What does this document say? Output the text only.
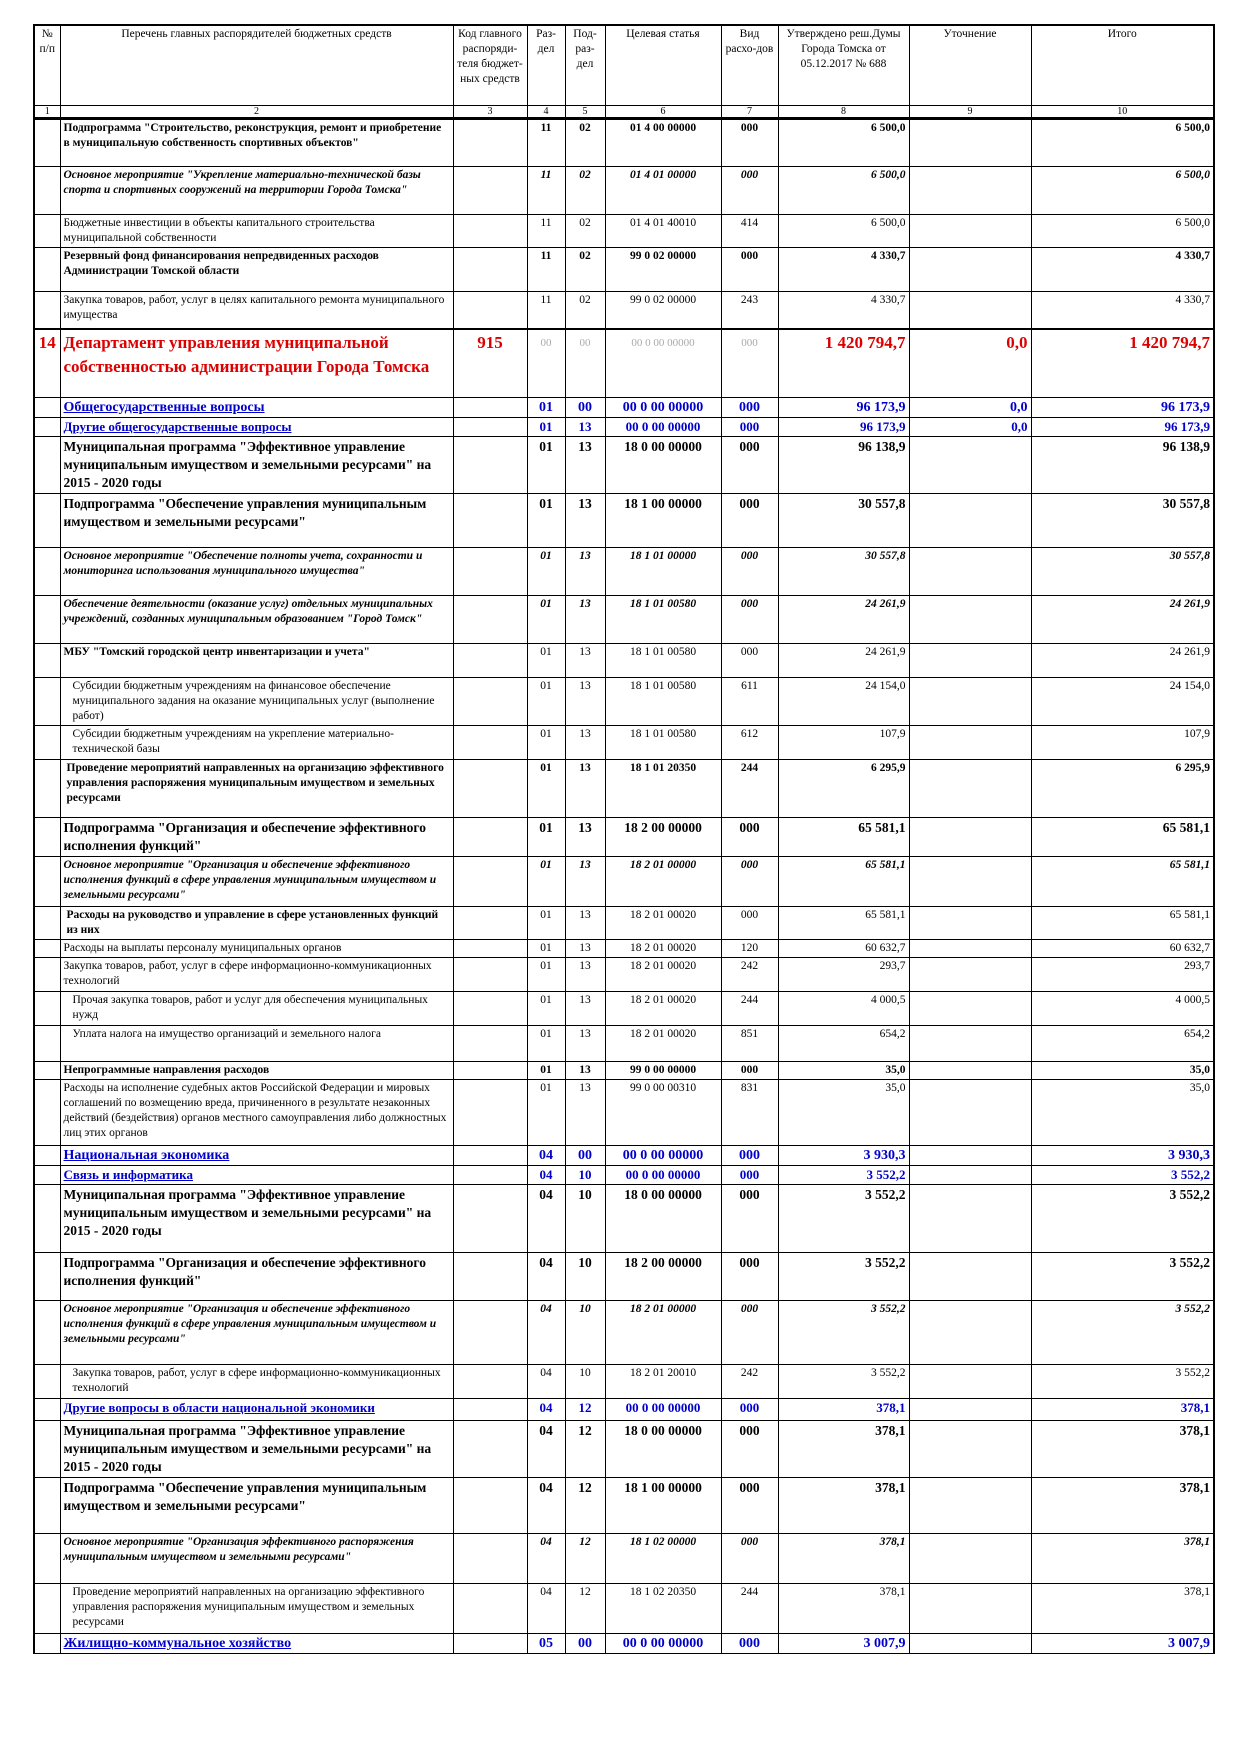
№ п/п	Перечень главных распорядителей бюджетных средств	Код главного распоряди-теля бюджет-ных средств	Раз-дел	Под-раз-дел	Целевая статья	Вид расхо-дов	Утверждено реш.Думы Города Томска от 05.12.2017 № 688	Уточнение	Итого
1	2	3	4	5	6	7	8	9	10
	Подпрограмма "Строительство, реконструкция, ремонт и приобретение в муниципальную собственность спортивных объектов"		11	02	01 4 00 00000	000	6 500,0		6 500,0
	Основное мероприятие "Укрепление материально-технической базы спорта и спортивных сооружений на территории Города Томска"		11	02	01 4 01 00000	000	6 500,0		6 500,0
	Бюджетные инвестиции в объекты капитального строительства муниципальной собственности		11	02	01 4 01 40010	414	6 500,0		6 500,0
	Резервный фонд финансирования непредвиденных расходов Администрации Томской области		11	02	99 0 02 00000	000	4 330,7		4 330,7
	Закупка товаров, работ, услуг в целях капитального ремонта муниципального имущества		11	02	99 0 02 00000	243	4 330,7		4 330,7
14	Департамент управления муниципальной собственностью администрации Города Томска	915	00	00	00 0 00 00000	000	1 420 794,7	0,0	1 420 794,7
	Общегосударственные вопросы		01	00	00 0 00 00000	000	96 173,9	0,0	96 173,9
	Другие общегосударственные вопросы		01	13	00 0 00 00000	000	96 173,9	0,0	96 173,9
	Муниципальная программа "Эффективное управление муниципальным имуществом и земельными ресурсами" на 2015 - 2020 годы		01	13	18 0 00 00000	000	96 138,9		96 138,9
	Подпрограмма "Обеспечение управления муниципальным имуществом и земельными ресурсами"		01	13	18 1 00 00000	000	30 557,8		30 557,8
	Основное мероприятие "Обеспечение полноты учета, сохранности и мониторинга использования муниципального имущества"		01	13	18 1 01 00000	000	30 557,8		30 557,8
	Обеспечение деятельности (оказание услуг) отдельных муниципальных учреждений, созданных муниципальным образованием "Город Томск"		01	13	18 1 01 00580	000	24 261,9		24 261,9
	МБУ "Томский городской центр инвентаризации и учета"		01	13	18 1 01 00580	000	24 261,9		24 261,9
	Субсидии бюджетным учреждениям на финансовое обеспечение муниципального задания на оказание муниципальных услуг (выполнение работ)		01	13	18 1 01 00580	611	24 154,0		24 154,0
	Субсидии бюджетным учреждениям на укрепление материально-технической базы		01	13	18 1 01 00580	612	107,9		107,9
	Проведение мероприятий направленных на организацию эффективного управления распоряжения муниципальным имуществом и земельных ресурсами		01	13	18 1 01 20350	244	6 295,9		6 295,9
	Подпрограмма "Организация и обеспечение эффективного исполнения функций"		01	13	18 2 00 00000	000	65 581,1		65 581,1
	Основное мероприятие "Организация и обеспечение эффективного исполнения функций в сфере управления муниципальным имуществом и земельными ресурсами"		01	13	18 2 01 00000	000	65 581,1		65 581,1
	Расходы на руководство и управление в сфере установленных функций из них		01	13	18 2 01 00020	000	65 581,1		65 581,1
	Расходы на выплаты персоналу муниципальных органов		01	13	18 2 01 00020	120	60 632,7		60 632,7
	Закупка товаров, работ, услуг в сфере информационно-коммуникационных технологий		01	13	18 2 01 00020	242	293,7		293,7
	Прочая закупка товаров, работ и услуг для обеспечения муниципальных нужд		01	13	18 2 01 00020	244	4 000,5		4 000,5
	Уплата налога на имущество организаций и земельного налога		01	13	18 2 01 00020	851	654,2		654,2
	Непрограммные направления расходов		01	13	99 0 00 00000	000	35,0		35,0
	Расходы на исполнение судебных актов Российской Федерации и мировых соглашений по возмещению вреда, причиненного в результате незаконных действий (бездействия) органов местного самоуправления либо должностных лиц этих органов		01	13	99 0 00 00310	831	35,0		35,0
	Национальная экономика		04	00	00 0 00 00000	000	3 930,3		3 930,3
	Связь и информатика		04	10	00 0 00 00000	000	3 552,2		3 552,2
	Муниципальная программа "Эффективное управление муниципальным имуществом и земельными ресурсами" на 2015 - 2020 годы		04	10	18 0 00 00000	000	3 552,2		3 552,2
	Подпрограмма "Организация и обеспечение эффективного исполнения функций"		04	10	18 2 00 00000	000	3 552,2		3 552,2
	Основное мероприятие "Организация и обеспечение эффективного исполнения функций в сфере управления муниципальным имуществом и земельными ресурсами"		04	10	18 2 01 00000	000	3 552,2		3 552,2
	Закупка товаров, работ, услуг в сфере информационно-коммуникационных технологий		04	10	18 2 01 20010	242	3 552,2		3 552,2
	Другие вопросы в области национальной экономики		04	12	00 0 00 00000	000	378,1		378,1
	Муниципальная программа "Эффективное управление муниципальным имуществом и земельными ресурсами" на 2015 - 2020 годы		04	12	18 0 00 00000	000	378,1		378,1
	Подпрограмма "Обеспечение управления муниципальным имуществом и земельными ресурсами"		04	12	18 1 00 00000	000	378,1		378,1
	Основное мероприятие "Организация эффективного распоряжения муниципальным имуществом и земельными ресурсами"		04	12	18 1 02 00000	000	378,1		378,1
	Проведение мероприятий направленных на организацию эффективного управления распоряжения муниципальным имуществом и земельных ресурсами		04	12	18 1 02 20350	244	378,1		378,1
	Жилищно-коммунальное хозяйство		05	00	00 0 00 00000	000	3 007,9		3 007,9
